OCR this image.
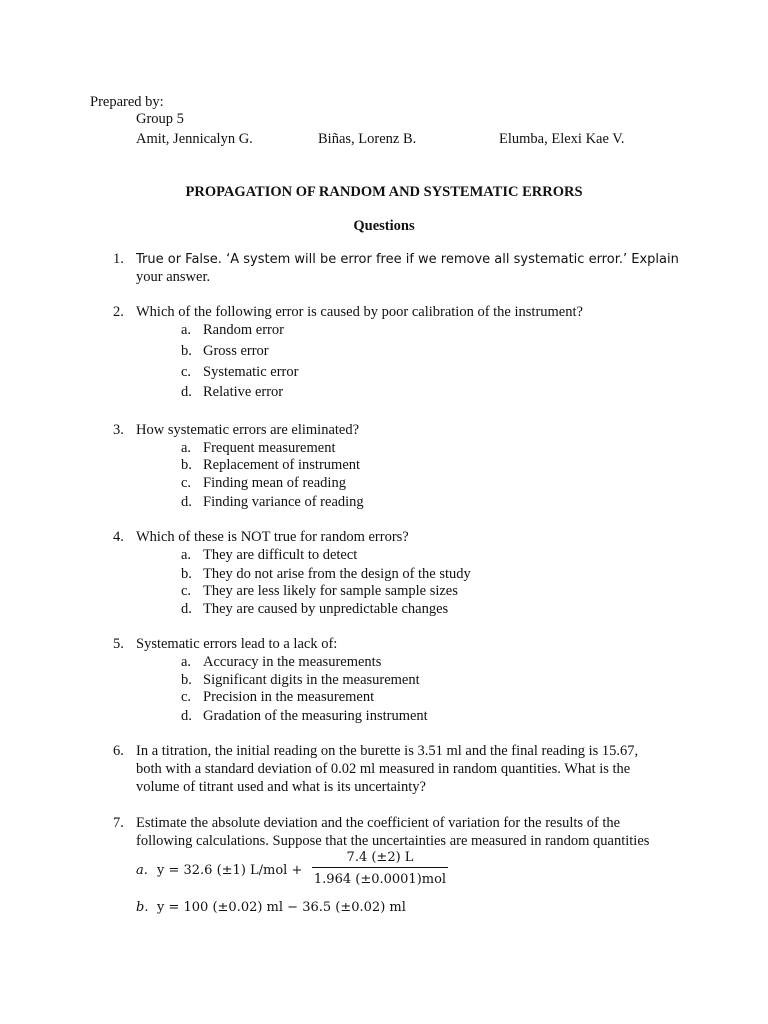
Prepared by:
Group 5
Amit, Jennicalyn G.	Biñas, Lorenz B.	Elumba, Elexi Kae V.
PROPAGATION OF RANDOM AND SYSTEMATIC ERRORS
Questions
1. True or False. ‘A system will be error free if we remove all systematic error.’ Explain
your answer.
2. Which of the following error is caused by poor calibration of the instrument?
a. Random error
b. Gross error
c. Systematic error
d. Relative error
3. How systematic errors are eliminated?
a. Frequent measurement
b. Replacement of instrument
c. Finding mean of reading
d. Finding variance of reading
4. Which of these is NOT true for random errors?
a. They are difficult to detect
b. They do not arise from the design of the study
c. They are less likely for sample sample sizes
d. They are caused by unpredictable changes
5. Systematic errors lead to a lack of:
a. Accuracy in the measurements
b. Significant digits in the measurement
c. Precision in the measurement
d. Gradation of the measuring instrument
6. In a titration, the initial reading on the burette is 3.51 ml and the final reading is 15.67,
both with a standard deviation of 0.02 ml measured in random quantities. What is the
volume of titrant used and what is its uncertainty?
7. Estimate the absolute deviation and the coefficient of variation for the results of the
following calculations. Suppose that the uncertainties are measured in random quantities
a. y = 32.6 (±1) L/mol +
7.4 (±2) L
1.964 (±0.0001)mol
b. y = 100 (±0.02) ml − 36.5 (±0.02) ml
